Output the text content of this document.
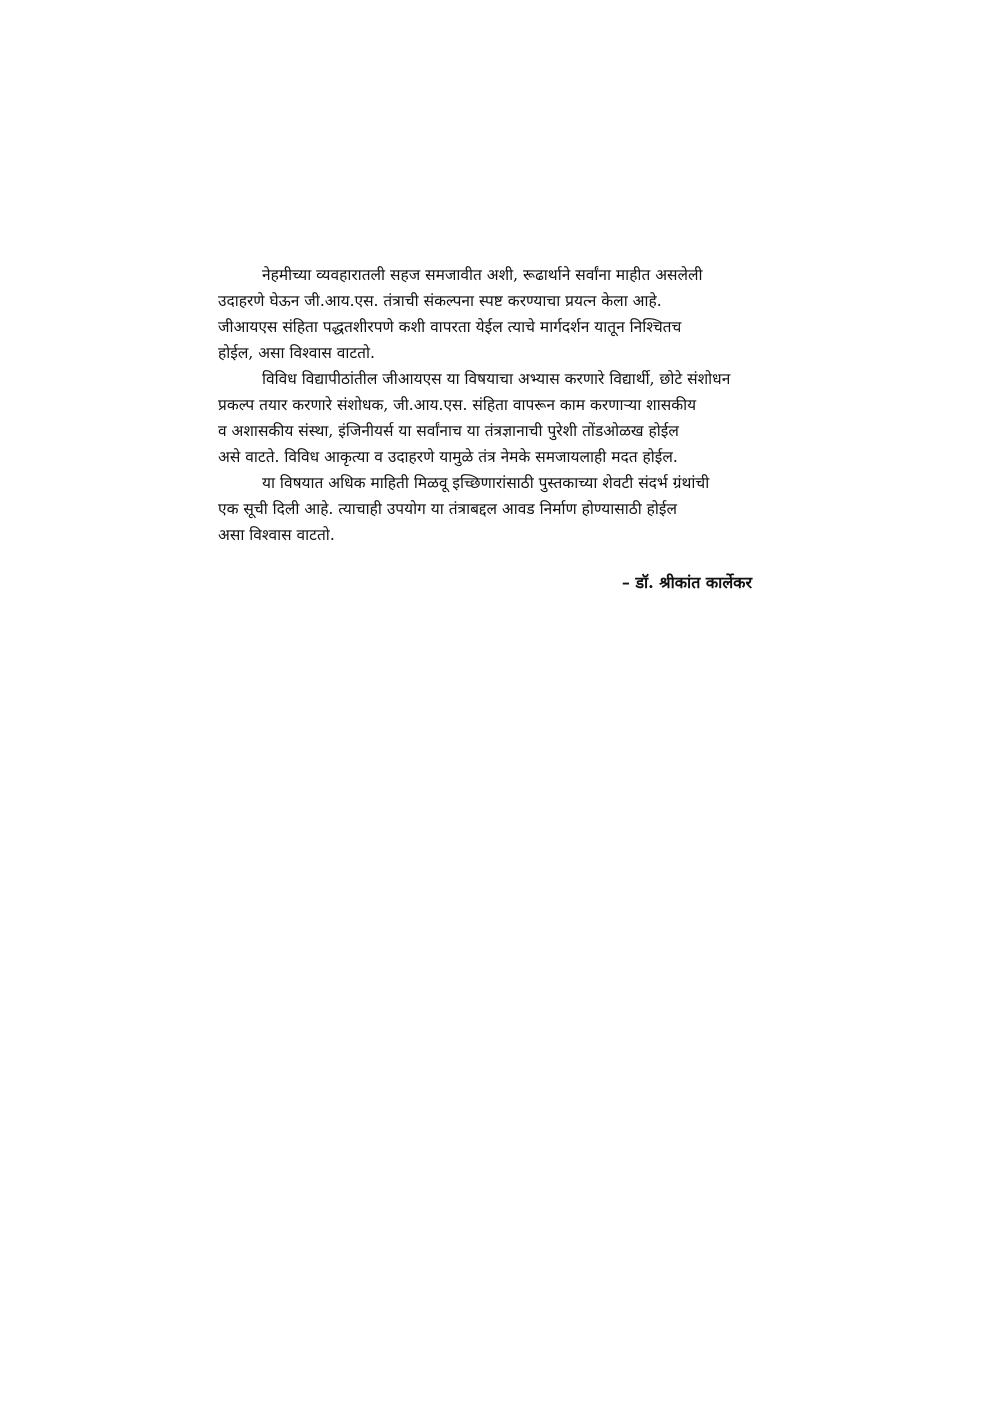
नेहमीच्या व्यवहारातली सहज समजावीत अशी, रूढार्थाने सर्वांना माहीत असलेली
उदाहरणे घेऊन जी.आय.एस. तंत्राची संकल्पना स्पष्ट करण्याचा प्रयत्न केला आहे.
जीआयएस संहिता पद्धतशीरपणे कशी वापरता येईल त्याचे मार्गदर्शन यातून निश्चितच
होईल, असा विश्वास वाटतो.

विविध विद्यापीठांतील जीआयएस या विषयाचा अभ्यास करणारे विद्यार्थी, छोटे संशोधन
प्रकल्प तयार करणारे संशोधक, जी.आय.एस. संहिता वापरून काम करणाऱ्या शासकीय
व अशासकीय संस्था, इंजिनीयर्स या सर्वांनाच या तंत्रज्ञानाची पुरेशी तोंडओळख होईल
असे वाटते. विविध आकृत्या व उदाहरणे यामुळे तंत्र नेमके समजायलाही मदत होईल.

या विषयात अधिक माहिती मिळवू इच्छिणारांसाठी पुस्तकाच्या शेवटी संदर्भ ग्रंथांची
एक सूची दिली आहे. त्याचाही उपयोग या तंत्राबद्दल आवड निर्माण होण्यासाठी होईल
असा विश्वास वाटतो.

– डॉ. श्रीकांत कार्लेकर
